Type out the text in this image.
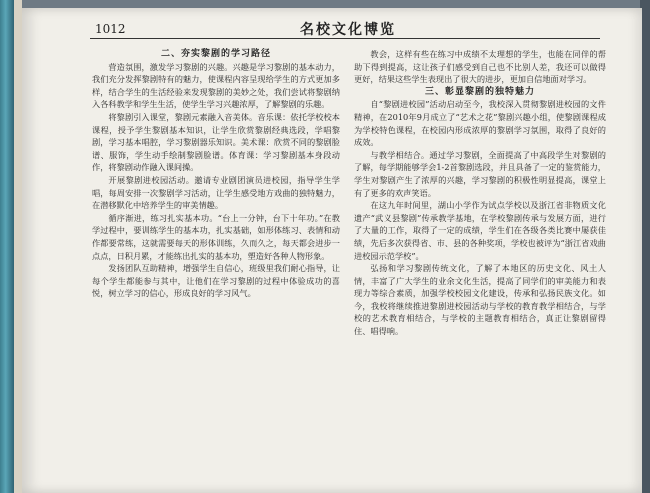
1012	名校文化博览

二、夯实黎剧的学习路径

营造氛围，激发学习黎剧的兴趣。兴趣是学习黎剧的基本动力，我们充分发挥黎剧特有的魅力，使课程内容呈现给学生的方式更加多样，结合学生的生活经验来发现黎剧的美妙之处，我们尝试将黎剧纳入各科教学和学生生活，使学生学习兴趣浓厚，了解黎剧的乐趣。

将黎剧引入课堂，黎剧元素融入音美体。音乐课：依托学校校本课程，授予学生黎剧基本知识，让学生欣赏黎剧经典选段，学唱黎剧，学习基本唱腔，学习黎剧器乐知识。美术课：欣赏不同的黎剧脸谱、服饰，学生动手绘制黎剧脸谱。体育课：学习黎剧基本身段动作，将黎剧动作融入课间操。

开展黎剧进校园活动。邀请专业剧团演员进校园，指导学生学唱，每周安排一次黎剧学习活动，让学生感受地方戏曲的独特魅力，在潜移默化中培养学生的审美情趣。

循序渐进，练习扎实基本功。“台上一分钟，台下十年功。”在教学过程中，要训练学生的基本功，扎实基础，如形体练习、表情和动作都要常练，这就需要每天的形体训练，久而久之，每天都会进步一点点，日积月累，才能练出扎实的基本功，塑造好各种人物形象。

发扬团队互助精神，增强学生自信心，班级里我们耐心指导，让每个学生都能参与其中，让他们在学习黎剧的过程中体验成功的喜悦，树立学习的信心，形成良好的学习风气。

教会，这样有些在练习中成绩不太理想的学生，也能在同伴的帮助下得到提高，这让孩子们感受到自己也不比别人差，我还可以做得更好，结果这些学生表现出了很大的进步，更加自信地面对学习。

三、彰显黎剧的独特魅力

自“黎剧进校园”活动启动至今，我校深入贯彻黎剧进校园的文件精神，在2010年9月成立了“艺术之花”黎剧兴趣小组，使黎剧课程成为学校特色课程，在校园内形成浓厚的黎剧学习氛围，取得了良好的成效。

与教学相结合。通过学习黎剧，全面提高了中高段学生对黎剧的了解，每学期能够学会1-2首黎剧选段，并且具备了一定的鉴赏能力，学生对黎剧产生了浓厚的兴趣，学习黎剧的积极性明显提高，课堂上有了更多的欢声笑语。

在这九年时间里，湖山小学作为试点学校以及浙江省非物质文化遗产“武义县黎剧”传承教学基地，在学校黎剧传承与发展方面，进行了大量的工作，取得了一定的成绩，学生们在各级各类比赛中屡获佳绩，先后多次获得省、市、县的各种奖项，学校也被评为“浙江省戏曲进校园示范学校”。

弘扬和学习黎剧传统文化，了解了本地区的历史文化、风土人情，丰富了广大学生的业余文化生活，提高了同学们的审美能力和表现力等综合素质，加强学校校园文化建设，传承和弘扬民族文化。如今，我校将继续推进黎剧进校园活动与学校的教育教学相结合，与学校的艺术教育相结合，与学校的主题教育相结合，真正让黎剧留得住、唱得响。
